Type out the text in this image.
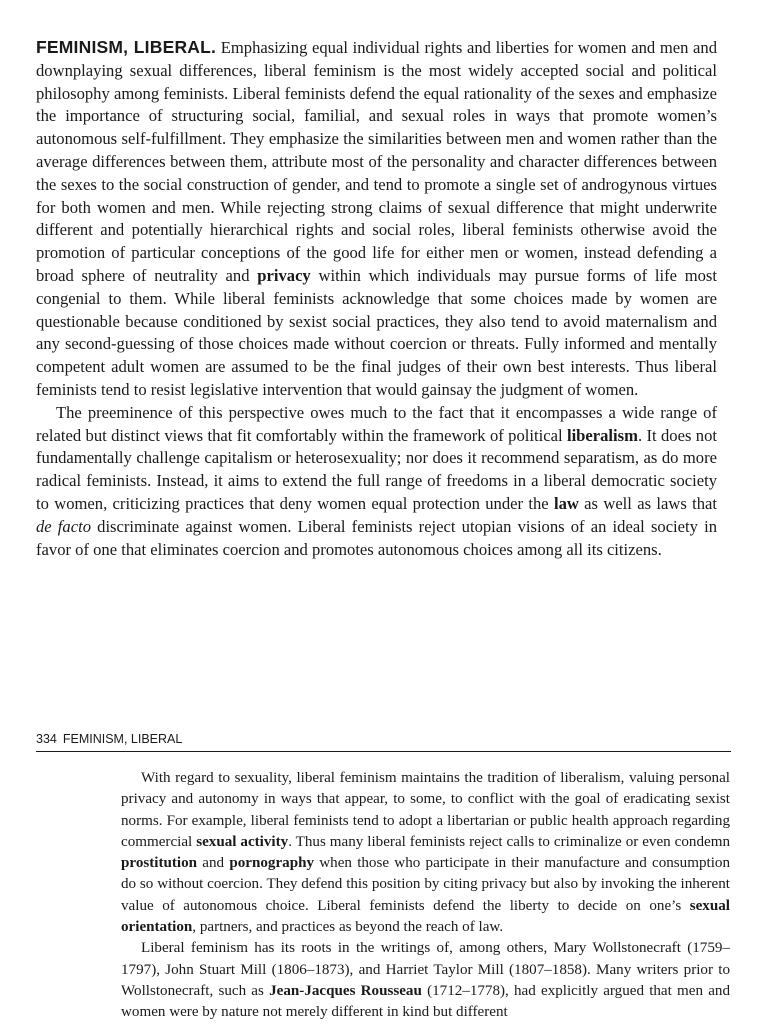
FEMINISM, LIBERAL. Emphasizing equal individual rights and liberties for women and men and downplaying sexual differences, liberal feminism is the most widely accepted social and political philosophy among feminists. Liberal feminists defend the equal rationality of the sexes and emphasize the importance of structuring social, familial, and sexual roles in ways that promote women’s autonomous self-fulfillment. They emphasize the similarities between men and women rather than the average differences between them, attribute most of the personality and character differences between the sexes to the social construction of gender, and tend to promote a single set of androgynous virtues for both women and men. While rejecting strong claims of sexual difference that might underwrite different and potentially hierarchical rights and social roles, liberal feminists otherwise avoid the promotion of particular conceptions of the good life for either men or women, instead defending a broad sphere of neutrality and privacy within which individuals may pursue forms of life most congenial to them. While liberal feminists acknowledge that some choices made by women are questionable because conditioned by sexist social practices, they also tend to avoid maternalism and any second-guessing of those choices made without coercion or threats. Fully informed and mentally competent adult women are assumed to be the final judges of their own best interests. Thus liberal feminists tend to resist legislative intervention that would gainsay the judgment of women.

The preeminence of this perspective owes much to the fact that it encompasses a wide range of related but distinct views that fit comfortably within the framework of political liberalism. It does not fundamentally challenge capitalism or heterosexuality; nor does it recommend separatism, as do more radical feminists. Instead, it aims to extend the full range of freedoms in a liberal democratic society to women, criticizing practices that deny women equal protection under the law as well as laws that de facto discriminate against women. Liberal feminists reject utopian visions of an ideal society in favor of one that eliminates coercion and promotes autonomous choices among all its citizens.

334 FEMINISM, LIBERAL

With regard to sexuality, liberal feminism maintains the tradition of liberalism, valuing personal privacy and autonomy in ways that appear, to some, to conflict with the goal of eradicating sexist norms. For example, liberal feminists tend to adopt a libertarian or public health approach regarding commercial sexual activity. Thus many liberal feminists reject calls to criminalize or even condemn prostitution and pornography when those who participate in their manufacture and consumption do so without coercion. They defend this position by citing privacy but also by invoking the inherent value of autonomous choice. Liberal feminists defend the liberty to decide on one’s sexual orientation, partners, and practices as beyond the reach of law.

Liberal feminism has its roots in the writings of, among others, Mary Wollstonecraft (1759–1797), John Stuart Mill (1806–1873), and Harriet Taylor Mill (1807–1858). Many writers prior to Wollstonecraft, such as Jean-Jacques Rousseau (1712–1778), had explicitly argued that men and women were by nature not merely different in kind but different
